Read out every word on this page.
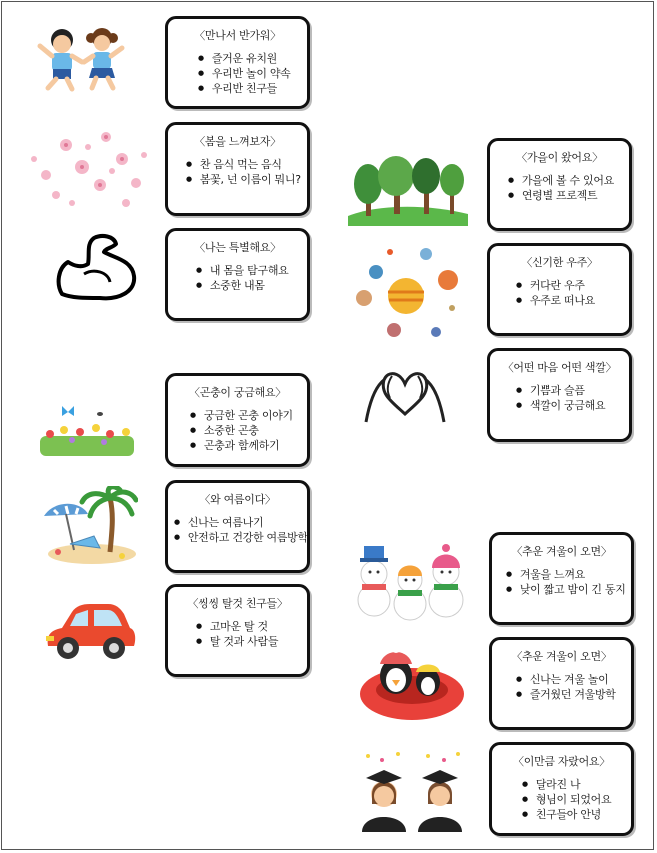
〈만나서 반가워〉
● 즐거운 유치원
● 우리반 놀이 약속
● 우리반 친구들
〈봄을 느껴보자〉
● 찬 음식 먹는 음식
● 봄꽃, 넌 이름이 뭐니?
〈나는 특별해요〉
● 내 몸을 탐구해요
● 소중한 내몸
〈곤충이 궁금해요〉
● 궁금한 곤충 이야기
● 소중한 곤충
● 곤충과 함께하기
〈와 여름이다〉
● 신나는 여름나기
● 안전하고 건강한 여름방학
〈씽씽 탈것 친구들〉
● 고마운 탈 것
● 탈 것과 사람들
〈가을이 왔어요〉
● 가을에 볼 수 있어요
● 연령별 프로젝트
〈신기한 우주〉
● 커다란 우주
● 우주로 떠나요
〈어떤 마음 어떤 색깔〉
● 기쁨과 슬픔
● 색깔이 궁금해요
〈추운 겨울이 오면〉
● 겨울을 느껴요
● 낮이 짧고 밤이 긴 동지
〈추운 겨울이 오면〉
● 신나는 겨울 놀이
● 즐거웠던 겨울방학
〈이만큼 자랐어요〉
● 달라진 나
● 형님이 되었어요
● 친구들아 안녕
